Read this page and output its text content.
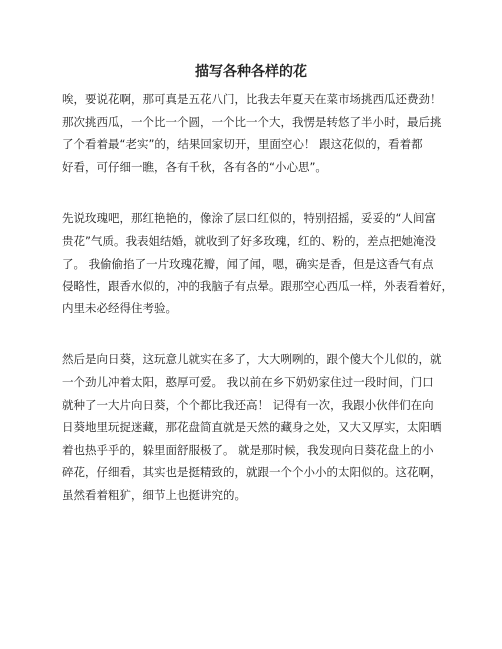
描写各种各样的花

唉，要说花啊，那可真是五花八门，比我去年夏天在菜市场挑西瓜还费劲！

那次挑西瓜，一个比一个圆，一个比一个大，我愣是转悠了半小时，最后挑

了个看着最“老实”的，结果回家切开，里面空心！ 跟这花似的，看着都

好看，可仔细一瞧，各有千秋，各有各的“小心思”。

先说玫瑰吧，那红艳艳的，像涂了层口红似的，特别招摇，妥妥的“人间富

贵花”气质。我表姐结婚，就收到了好多玫瑰，红的、粉的，差点把她淹没

了。 我偷偷掐了一片玫瑰花瓣，闻了闻，嗯，确实是香，但是这香气有点

侵略性，跟香水似的，冲的我脑子有点晕。跟那空心西瓜一样，外表看着好，

内里未必经得住考验。

然后是向日葵，这玩意儿就实在多了，大大咧咧的，跟个傻大个儿似的，就

一个劲儿冲着太阳，憨厚可爱。 我以前在乡下奶奶家住过一段时间，门口

就种了一大片向日葵，个个都比我还高！ 记得有一次，我跟小伙伴们在向

日葵地里玩捉迷藏，那花盘简直就是天然的藏身之处，又大又厚实，太阳晒

着也热乎乎的，躲里面舒服极了。 就是那时候，我发现向日葵花盘上的小

碎花，仔细看，其实也是挺精致的，就跟一个个小小的太阳似的。这花啊，

虽然看着粗犷，细节上也挺讲究的。
